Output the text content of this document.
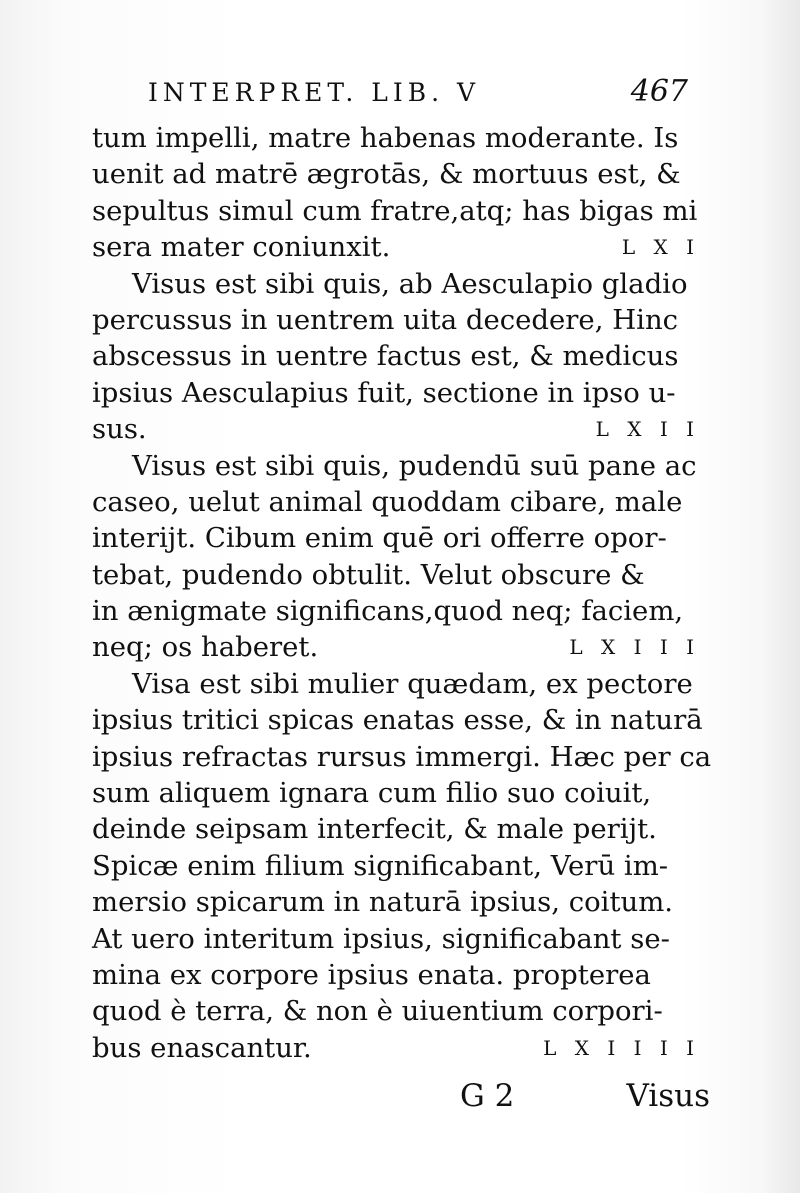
INTERPRET. LIB. V	467
tum impelli, matre habenas moderante. Is
uenit ad matrē ægrotās, & mortuus est, &
sepultus simul cum fratre,atq; has bigas mi
sera mater coniunxit.	L X I
Visus est sibi quis, ab Aesculapio gladio
percussus in uentrem uita decedere, Hinc
abscessus in uentre factus est, & medicus
ipsius Aesculapius fuit, sectione in ipso u-
sus.	L X I I
Visus est sibi quis, pudendū suū pane ac
caseo, uelut animal quoddam cibare, male
interijt. Cibum enim quē ori offerre opor-
tebat, pudendo obtulit. Velut obscure &
in ænigmate significans,quod neq; faciem,
neq; os haberet.	L X I I I
Visa est sibi mulier quædam, ex pectore
ipsius tritici spicas enatas esse, & in naturā
ipsius refractas rursus immergi. Hæc per ca
sum aliquem ignara cum filio suo coiuit,
deinde seipsam interfecit, & male perijt.
Spicæ enim filium significabant, Verū im-
mersio spicarum in naturā ipsius, coitum.
At uero interitum ipsius, significabant se-
mina ex corpore ipsius enata. propterea
quod è terra, & non è uiuentium corpori-
bus enascantur.	L X I I I I
G 2	Visus
